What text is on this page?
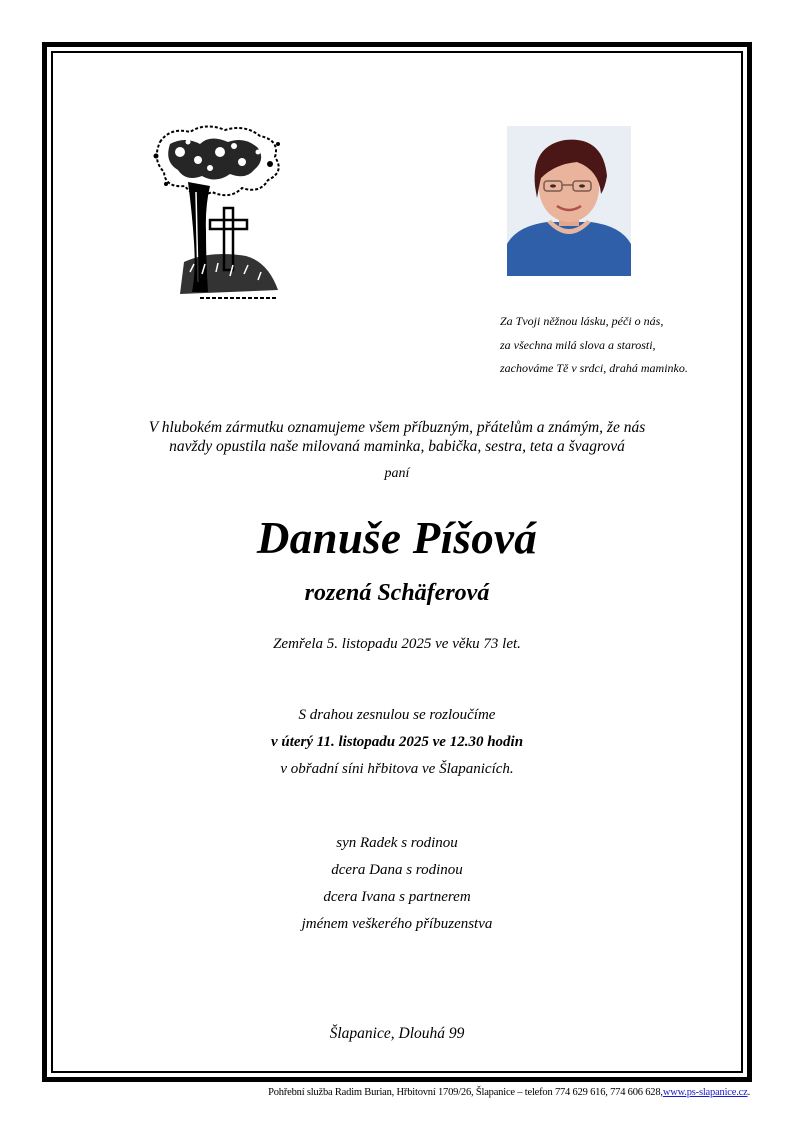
Za Tvoji něžnou lásku, péči o nás,
za všechna milá slova a starosti,
zachováme Tě v srdci, drahá maminko.
V hlubokém zármutku oznamujeme všem příbuzným, přátelům a známým, že nás
navždy opustila naše milovaná maminka, babička, sestra, teta a švagrová
paní
Danuše Píšová
rozená Schäferová
Zemřela 5. listopadu 2025 ve věku 73 let.
S drahou zesnulou se rozloučíme
v úterý 11. listopadu 2025 ve 12.30 hodin
v obřadní síni hřbitova ve Šlapanicích.
syn Radek s rodinou
dcera Dana s rodinou
dcera Ivana s partnerem
jménem veškerého příbuzenstva
Šlapanice, Dlouhá 99
Pohřební služba Radim Burian, Hřbitovní 1709/26, Šlapanice – telefon 774 629 616, 774 606 628,www.ps-slapanice.cz.
